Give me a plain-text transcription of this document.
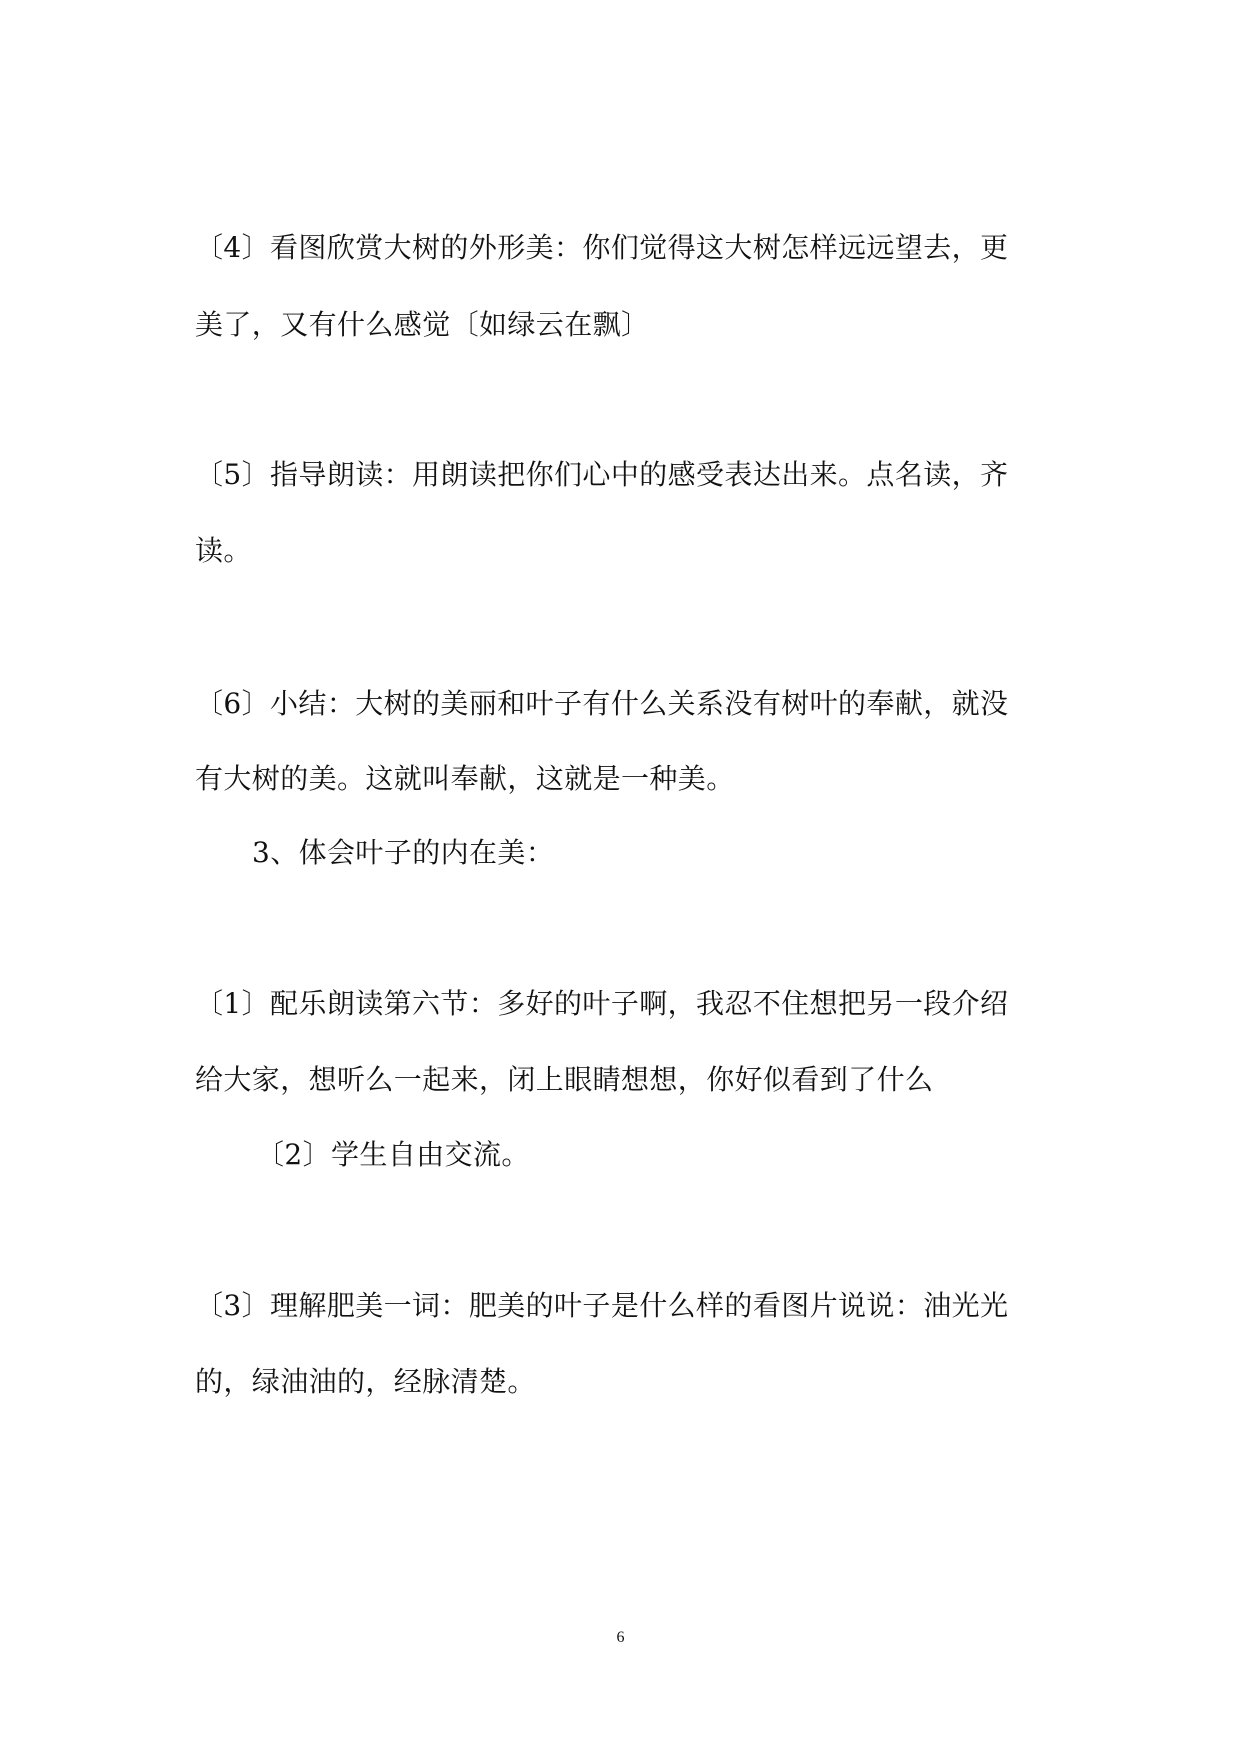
〔4〕看图欣赏大树的外形美：你们觉得这大树怎样远远望去，更

美了，又有什么感觉〔如绿云在飘〕

〔5〕指导朗读：用朗读把你们心中的感受表达出来。点名读，齐

读。

〔6〕小结：大树的美丽和叶子有什么关系没有树叶的奉献，就没

有大树的美。这就叫奉献，这就是一种美。

3、体会叶子的内在美：

〔1〕配乐朗读第六节：多好的叶子啊，我忍不住想把另一段介绍

给大家，想听么一起来，闭上眼睛想想，你好似看到了什么

〔2〕学生自由交流。

〔3〕理解肥美一词：肥美的叶子是什么样的看图片说说：油光光

的，绿油油的，经脉清楚。

6
